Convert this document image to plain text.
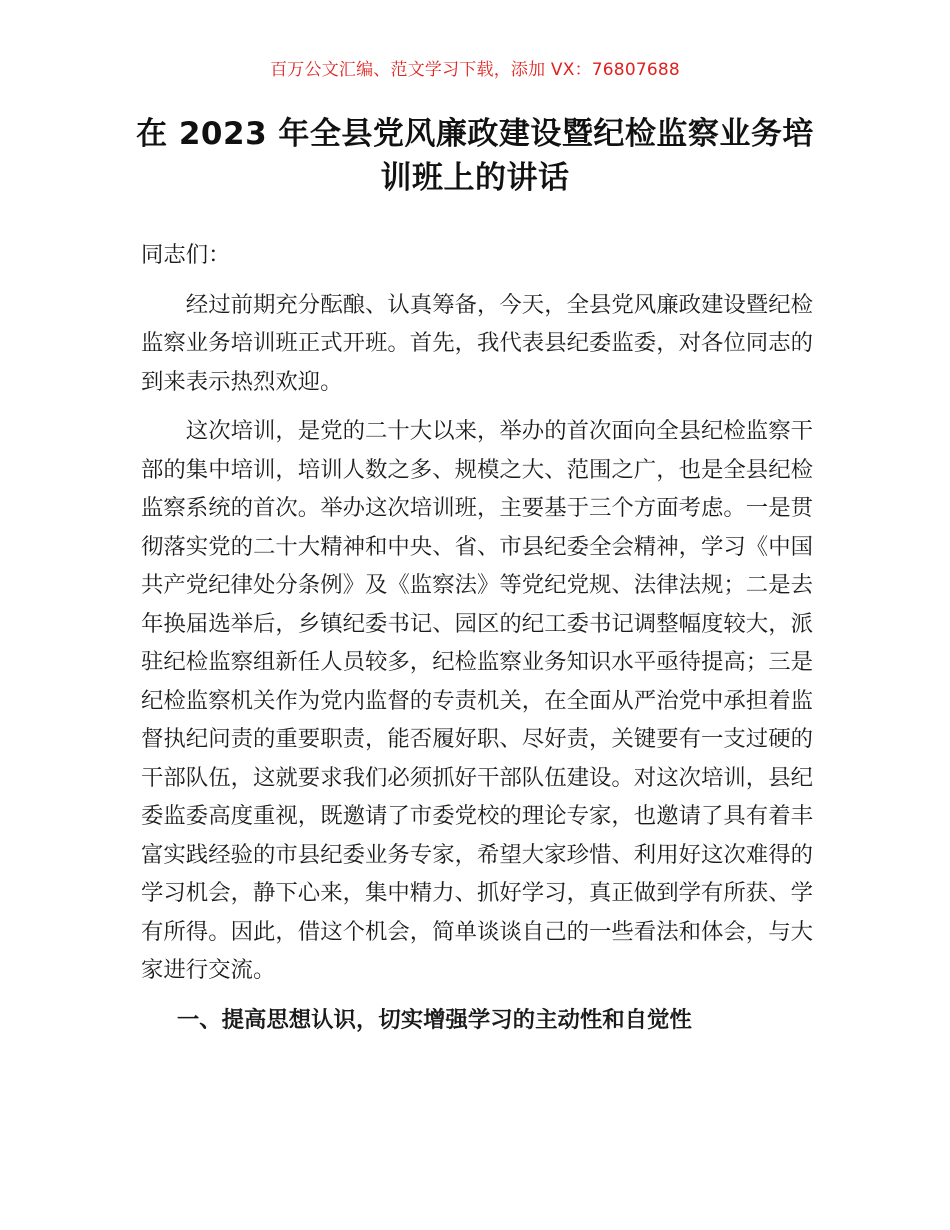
百万公文汇编、范文学习下载，添加 VX：76807688
在 2023 年全县党风廉政建设暨纪检监察业务培训班上的讲话

同志们：

经过前期充分酝酿、认真筹备，今天，全县党风廉政建设暨纪检监察业务培训班正式开班。首先，我代表县纪委监委，对各位同志的到来表示热烈欢迎。

这次培训，是党的二十大以来，举办的首次面向全县纪检监察干部的集中培训，培训人数之多、规模之大、范围之广，也是全县纪检监察系统的首次。举办这次培训班，主要基于三个方面考虑。一是贯彻落实党的二十大精神和中央、省、市县纪委全会精神，学习《中国共产党纪律处分条例》及《监察法》等党纪党规、法律法规；二是去年换届选举后，乡镇纪委书记、园区的纪工委书记调整幅度较大，派驻纪检监察组新任人员较多，纪检监察业务知识水平亟待提高；三是纪检监察机关作为党内监督的专责机关，在全面从严治党中承担着监督执纪问责的重要职责，能否履好职、尽好责，关键要有一支过硬的干部队伍，这就要求我们必须抓好干部队伍建设。对这次培训，县纪委监委高度重视，既邀请了市委党校的理论专家，也邀请了具有着丰富实践经验的市县纪委业务专家，希望大家珍惜、利用好这次难得的学习机会，静下心来，集中精力、抓好学习，真正做到学有所获、学有所得。因此，借这个机会，简单谈谈自己的一些看法和体会，与大家进行交流。

一、提高思想认识，切实增强学习的主动性和自觉性
